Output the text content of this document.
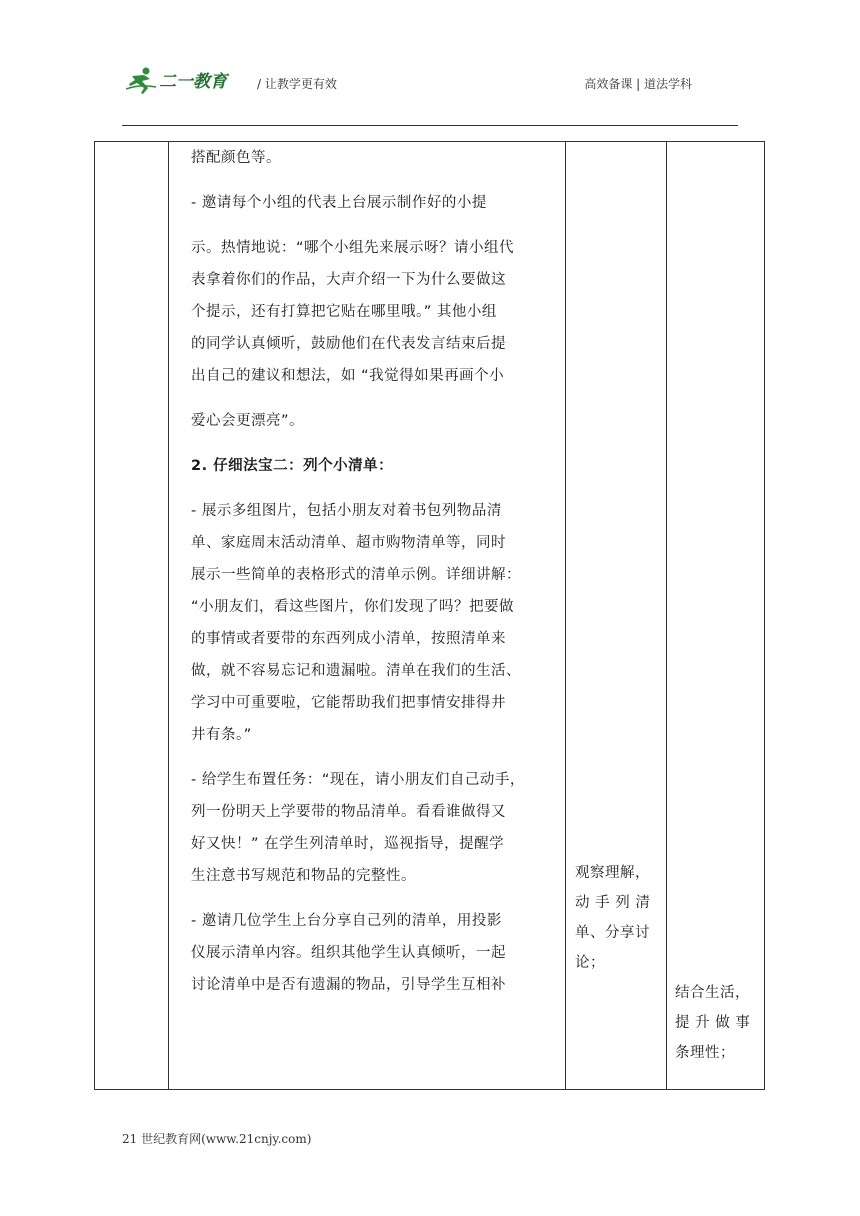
二一教育	/ 让教学更有效	高效备课 | 道法学科
搭配颜色等。
- 邀请每个小组的代表上台展示制作好的小提
示。热情地说：“哪个小组先来展示呀？请小组代
表拿着你们的作品，大声介绍一下为什么要做这
个提示，还有打算把它贴在哪里哦。” 其他小组
的同学认真倾听，鼓励他们在代表发言结束后提
出自己的建议和想法，如 “我觉得如果再画个小
爱心会更漂亮”。
2. 仔细法宝二：列个小清单：
- 展示多组图片，包括小朋友对着书包列物品清
单、家庭周末活动清单、超市购物清单等，同时
展示一些简单的表格形式的清单示例。详细讲解：
“小朋友们，看这些图片，你们发现了吗？把要做
的事情或者要带的东西列成小清单，按照清单来
做，就不容易忘记和遗漏啦。清单在我们的生活、
学习中可重要啦，它能帮助我们把事情安排得井
井有条。”
- 给学生布置任务：“现在，请小朋友们自己动手，
列一份明天上学要带的物品清单。看看谁做得又
好又快！” 在学生列清单时，巡视指导，提醒学
生注意书写规范和物品的完整性。
- 邀请几位学生上台分享自己列的清单，用投影
仪展示清单内容。组织其他学生认真倾听，一起
讨论清单中是否有遗漏的物品，引导学生互相补
观察理解，
动 手 列 清
单、分享讨
论；
结合生活，
提 升 做 事
条理性；
21 世纪教育网(www.21cnjy.com)
